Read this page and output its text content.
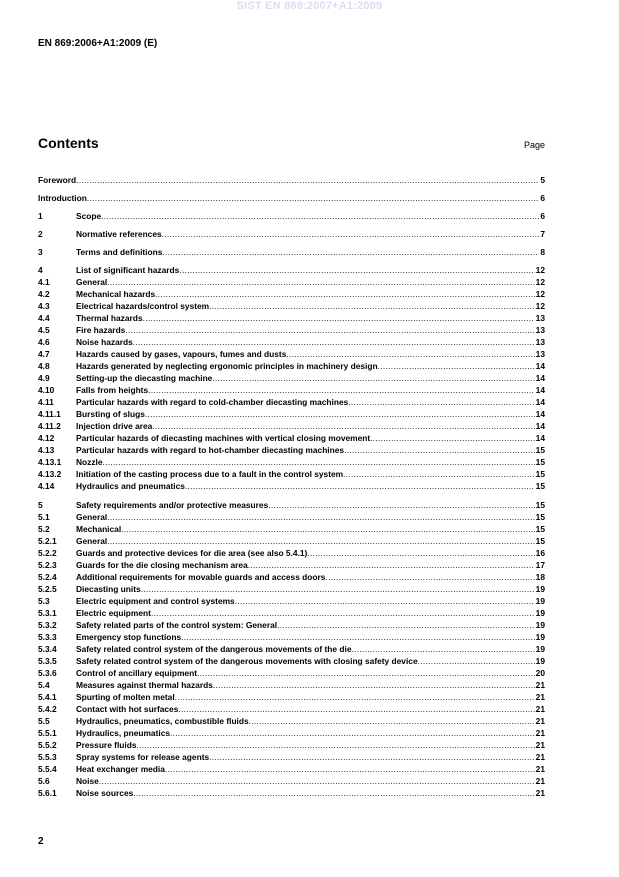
SIST EN 869:2007+A1:2009
EN 869:2006+A1:2009 (E)
Contents	Page
Foreword .....	5
Introduction .....	6
1	Scope .....	6
2	Normative references .....	7
3	Terms and definitions .....	8
4	List of significant hazards .....	12
4.1	General .....	12
4.2	Mechanical hazards .....	12
4.3	Electrical hazards/control system .....	12
4.4	Thermal hazards .....	13
4.5	Fire hazards .....	13
4.6	Noise hazards .....	13
4.7	Hazards caused by gases, vapours, fumes and dusts .....	13
4.8	Hazards generated by neglecting ergonomic principles in machinery design .....	14
4.9	Setting-up the diecasting machine .....	14
4.10	Falls from heights .....	14
4.11	Particular hazards with regard to cold-chamber diecasting machines .....	14
4.11.1	Bursting of slugs .....	14
4.11.2	Injection drive area .....	14
4.12	Particular hazards of diecasting machines with vertical closing movement .....	14
4.13	Particular hazards with regard to hot-chamber diecasting machines .....	15
4.13.1	Nozzle .....	15
4.13.2	Initiation of the casting process due to a fault in the control system .....	15
4.14	Hydraulics and pneumatics .....	15
5	Safety requirements and/or protective measures .....	15
5.1	General .....	15
5.2	Mechanical .....	15
5.2.1	General .....	15
5.2.2	Guards and protective devices for die area (see also 5.4.1) .....	16
5.2.3	Guards for the die closing mechanism area .....	17
5.2.4	Additional requirements for movable guards and access doors .....	18
5.2.5	Diecasting units .....	19
5.3	Electric equipment and control systems .....	19
5.3.1	Electric equipment .....	19
5.3.2	Safety related parts of the control system: General .....	19
5.3.3	Emergency stop functions .....	19
5.3.4	Safety related control system of the dangerous movements of the die .....	19
5.3.5	Safety related control system of the dangerous movements with closing safety device .....	19
5.3.6	Control of ancillary equipment .....	20
5.4	Measures against thermal hazards .....	21
5.4.1	Spurting of molten metal .....	21
5.4.2	Contact with hot surfaces .....	21
5.5	Hydraulics, pneumatics, combustible fluids .....	21
5.5.1	Hydraulics, pneumatics .....	21
5.5.2	Pressure fluids .....	21
5.5.3	Spray systems for release agents .....	21
5.5.4	Heat exchanger media .....	21
5.6	Noise .....	21
5.6.1	Noise sources .....	21
2
